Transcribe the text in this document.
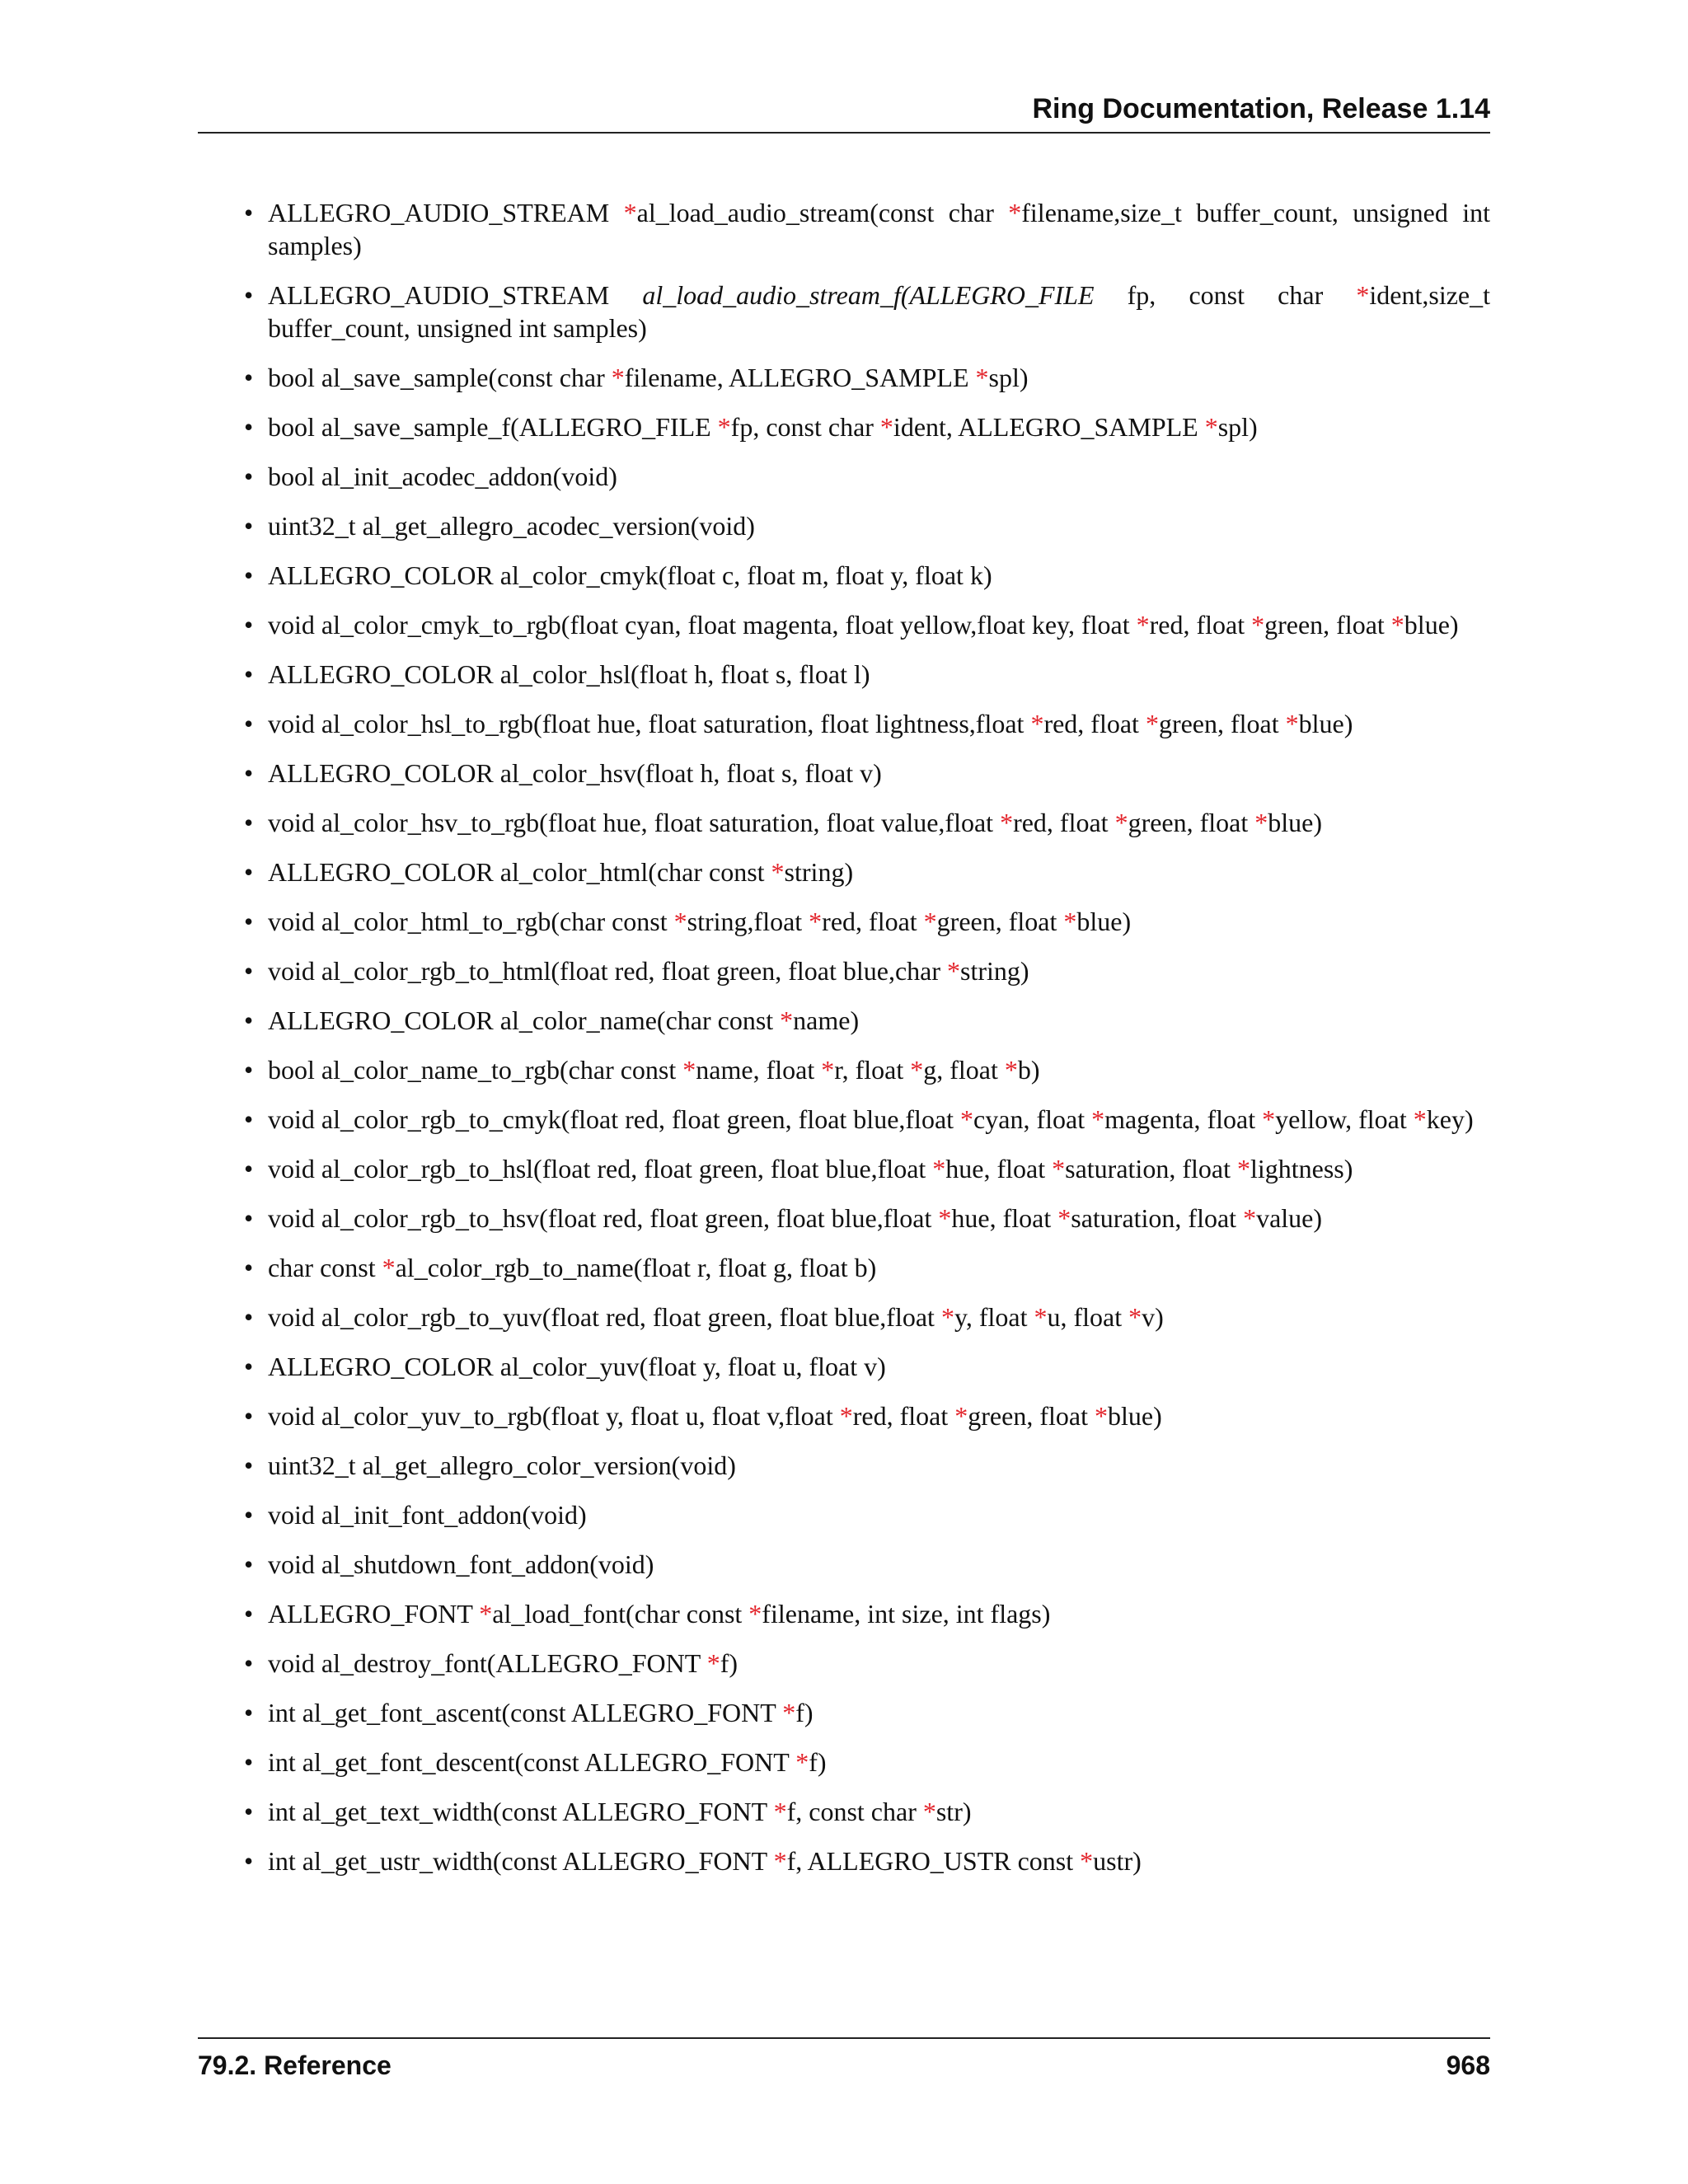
Ring Documentation, Release 1.14
• ALLEGRO_AUDIO_STREAM *al_load_audio_stream(const char *filename,size_t buffer_count, unsigned int samples)
• ALLEGRO_AUDIO_STREAM al_load_audio_stream_f(ALLEGRO_FILE fp, const char *ident,size_t buffer_count, unsigned int samples)
• bool al_save_sample(const char *filename, ALLEGRO_SAMPLE *spl)
• bool al_save_sample_f(ALLEGRO_FILE *fp, const char *ident, ALLEGRO_SAMPLE *spl)
• bool al_init_acodec_addon(void)
• uint32_t al_get_allegro_acodec_version(void)
• ALLEGRO_COLOR al_color_cmyk(float c, float m, float y, float k)
• void al_color_cmyk_to_rgb(float cyan, float magenta, float yellow,float key, float *red, float *green, float *blue)
• ALLEGRO_COLOR al_color_hsl(float h, float s, float l)
• void al_color_hsl_to_rgb(float hue, float saturation, float lightness,float *red, float *green, float *blue)
• ALLEGRO_COLOR al_color_hsv(float h, float s, float v)
• void al_color_hsv_to_rgb(float hue, float saturation, float value,float *red, float *green, float *blue)
• ALLEGRO_COLOR al_color_html(char const *string)
• void al_color_html_to_rgb(char const *string,float *red, float *green, float *blue)
• void al_color_rgb_to_html(float red, float green, float blue,char *string)
• ALLEGRO_COLOR al_color_name(char const *name)
• bool al_color_name_to_rgb(char const *name, float *r, float *g, float *b)
• void al_color_rgb_to_cmyk(float red, float green, float blue,float *cyan, float *magenta, float *yellow, float *key)
• void al_color_rgb_to_hsl(float red, float green, float blue,float *hue, float *saturation, float *lightness)
• void al_color_rgb_to_hsv(float red, float green, float blue,float *hue, float *saturation, float *value)
• char const *al_color_rgb_to_name(float r, float g, float b)
• void al_color_rgb_to_yuv(float red, float green, float blue,float *y, float *u, float *v)
• ALLEGRO_COLOR al_color_yuv(float y, float u, float v)
• void al_color_yuv_to_rgb(float y, float u, float v,float *red, float *green, float *blue)
• uint32_t al_get_allegro_color_version(void)
• void al_init_font_addon(void)
• void al_shutdown_font_addon(void)
• ALLEGRO_FONT *al_load_font(char const *filename, int size, int flags)
• void al_destroy_font(ALLEGRO_FONT *f)
• int al_get_font_ascent(const ALLEGRO_FONT *f)
• int al_get_font_descent(const ALLEGRO_FONT *f)
• int al_get_text_width(const ALLEGRO_FONT *f, const char *str)
• int al_get_ustr_width(const ALLEGRO_FONT *f, ALLEGRO_USTR const *ustr)
79.2. Reference	968
